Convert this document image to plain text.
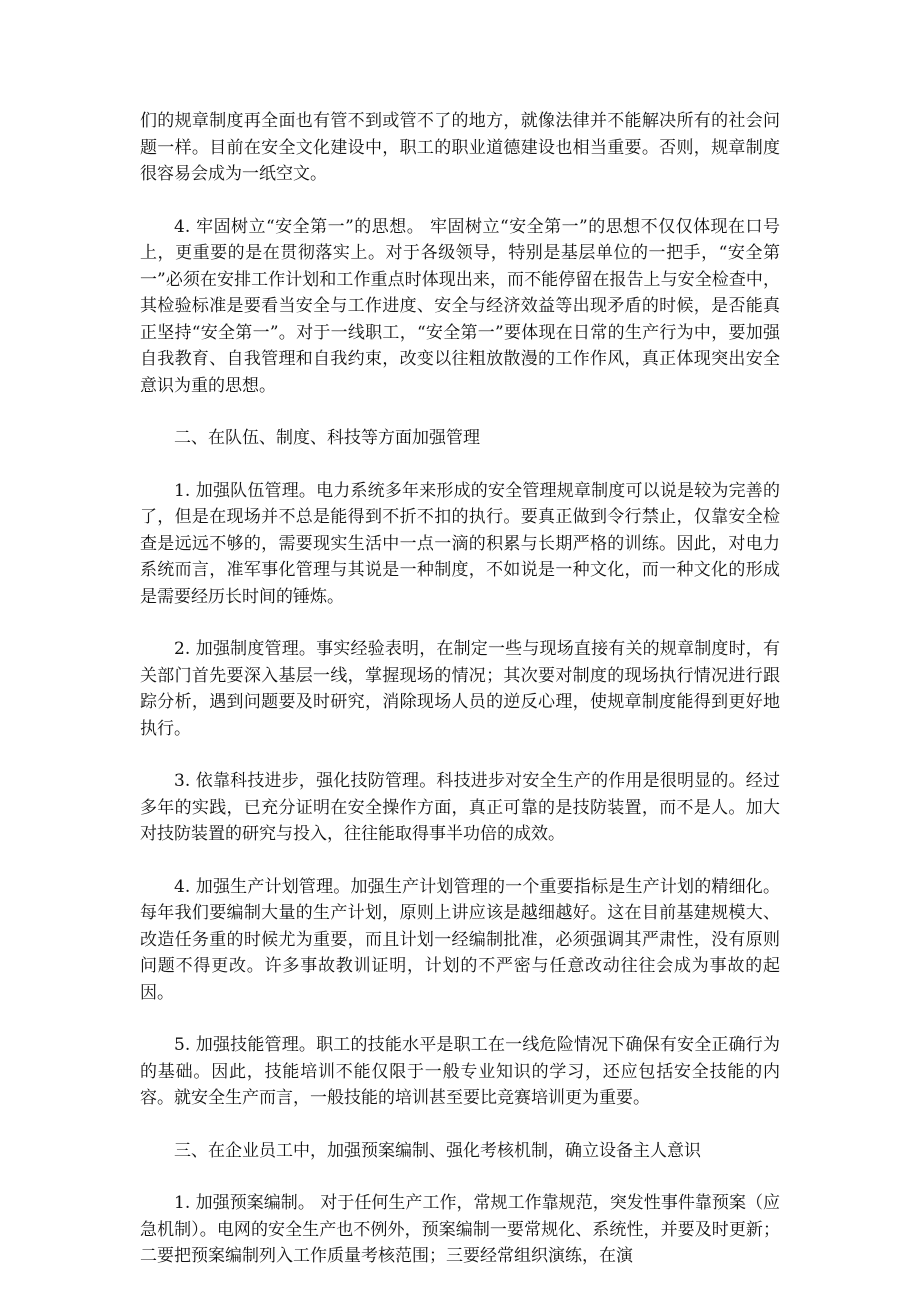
们的规章制度再全面也有管不到或管不了的地方，就像法律并不能解决所有的社会问题一样。目前在安全文化建设中，职工的职业道德建设也相当重要。否则，规章制度很容易会成为一纸空文。

4. 牢固树立“安全第一”的思想。 牢固树立“安全第一”的思想不仅仅体现在口号上，更重要的是在贯彻落实上。对于各级领导，特别是基层单位的一把手，“安全第一”必须在安排工作计划和工作重点时体现出来，而不能停留在报告上与安全检查中，其检验标准是要看当安全与工作进度、安全与经济效益等出现矛盾的时候，是否能真正坚持“安全第一”。对于一线职工，“安全第一”要体现在日常的生产行为中，要加强自我教育、自我管理和自我约束，改变以往粗放散漫的工作作风，真正体现突出安全意识为重的思想。

二、在队伍、制度、科技等方面加强管理

1. 加强队伍管理。电力系统多年来形成的安全管理规章制度可以说是较为完善的了，但是在现场并不总是能得到不折不扣的执行。要真正做到令行禁止，仅靠安全检查是远远不够的，需要现实生活中一点一滴的积累与长期严格的训练。因此，对电力系统而言，准军事化管理与其说是一种制度，不如说是一种文化，而一种文化的形成是需要经历长时间的锤炼。

2. 加强制度管理。事实经验表明，在制定一些与现场直接有关的规章制度时，有关部门首先要深入基层一线，掌握现场的情况；其次要对制度的现场执行情况进行跟踪分析，遇到问题要及时研究，消除现场人员的逆反心理，使规章制度能得到更好地执行。

3. 依靠科技进步，强化技防管理。科技进步对安全生产的作用是很明显的。经过多年的实践，已充分证明在安全操作方面，真正可靠的是技防装置，而不是人。加大对技防装置的研究与投入，往往能取得事半功倍的成效。

4. 加强生产计划管理。加强生产计划管理的一个重要指标是生产计划的精细化。每年我们要编制大量的生产计划，原则上讲应该是越细越好。这在目前基建规模大、改造任务重的时候尤为重要，而且计划一经编制批准，必须强调其严肃性，没有原则问题不得更改。许多事故教训证明，计划的不严密与任意改动往往会成为事故的起因。

5. 加强技能管理。职工的技能水平是职工在一线危险情况下确保有安全正确行为的基础。因此，技能培训不能仅限于一般专业知识的学习，还应包括安全技能的内容。就安全生产而言，一般技能的培训甚至要比竞赛培训更为重要。

三、在企业员工中，加强预案编制、强化考核机制，确立设备主人意识

1. 加强预案编制。 对于任何生产工作，常规工作靠规范，突发性事件靠预案（应急机制）。电网的安全生产也不例外，预案编制一要常规化、系统性，并要及时更新；二要把预案编制列入工作质量考核范围；三要经常组织演练，在演
